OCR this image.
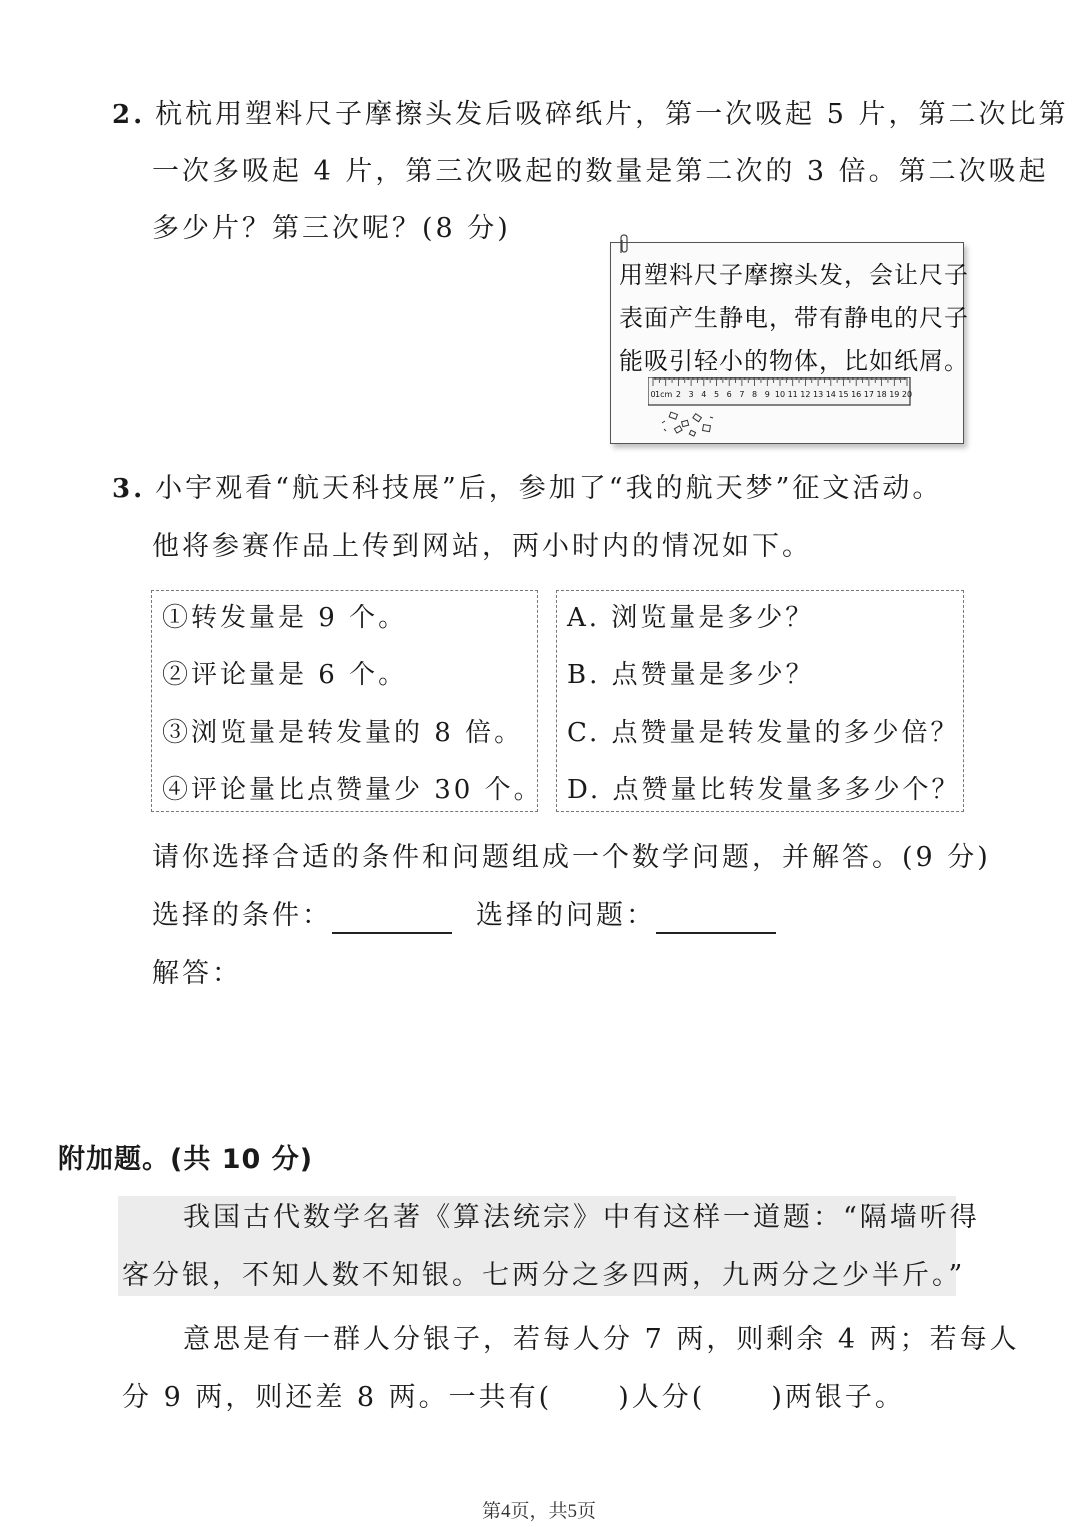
2. 杭杭用塑料尺子摩擦头发后吸碎纸片，第一次吸起 5 片，第二次比第
一次多吸起 4 片，第三次吸起的数量是第二次的 3 倍。第二次吸起
多少片？第三次呢？(8 分)
用塑料尺子摩擦头发，会让尺子
表面产生静电，带有静电的尺子
能吸引轻小的物体，比如纸屑。
0 1cm 2 3 4 5 6 7 8 9 10 11 12 13 14 15 16 17 18 19 20
3. 小宇观看“航天科技展”后，参加了“我的航天梦”征文活动。
他将参赛作品上传到网站，两小时内的情况如下。
①转发量是 9 个。
②评论量是 6 个。
③浏览量是转发量的 8 倍。
④评论量比点赞量少 30 个。
A. 浏览量是多少？
B. 点赞量是多少？
C. 点赞量是转发量的多少倍？
D. 点赞量比转发量多多少个？
请你选择合适的条件和问题组成一个数学问题，并解答。(9 分)
选择的条件：	选择的问题：
解答：
附加题。(共 10 分)
我国古代数学名著《算法统宗》中有这样一道题：“隔墙听得
客分银，不知人数不知银。七两分之多四两，九两分之少半斤。”
意思是有一群人分银子，若每人分 7 两，则剩余 4 两；若每人
分 9 两，则还差 8 两。一共有( )人分( )两银子。
第4页，共5页
